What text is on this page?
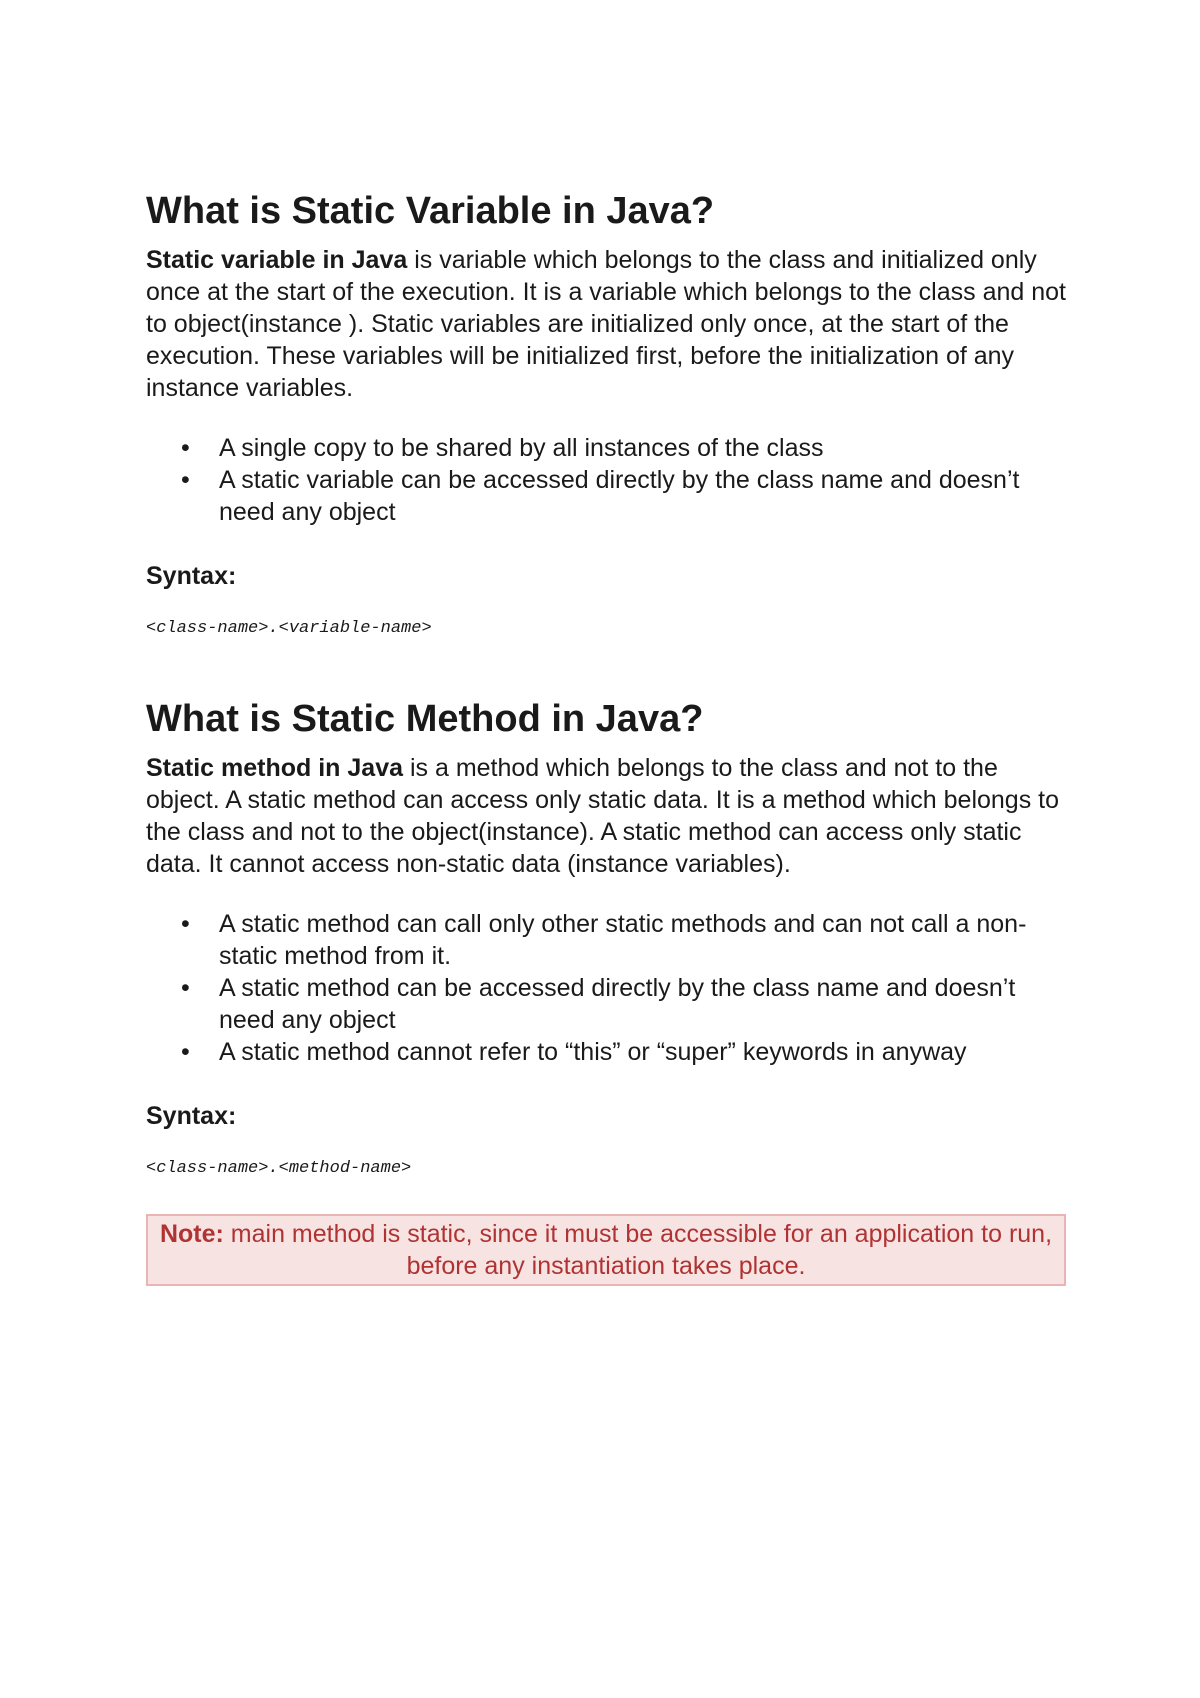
What is Static Variable in Java?

Static variable in Java is variable which belongs to the class and initialized only once at the start of the execution. It is a variable which belongs to the class and not to object(instance ). Static variables are initialized only once, at the start of the execution. These variables will be initialized first, before the initialization of any instance variables.

• A single copy to be shared by all instances of the class
• A static variable can be accessed directly by the class name and doesn’t need any object
Syntax:
<class-name>.<variable-name>
What is Static Method in Java?

Static method in Java is a method which belongs to the class and not to the object. A static method can access only static data. It is a method which belongs to the class and not to the object(instance). A static method can access only static data. It cannot access non-static data (instance variables).

• A static method can call only other static methods and can not call a non-static method from it.
• A static method can be accessed directly by the class name and doesn’t need any object
• A static method cannot refer to “this” or “super” keywords in anyway
Syntax:
<class-name>.<method-name>
Note: main method is static, since it must be accessible for an application to run, before any instantiation takes place.
